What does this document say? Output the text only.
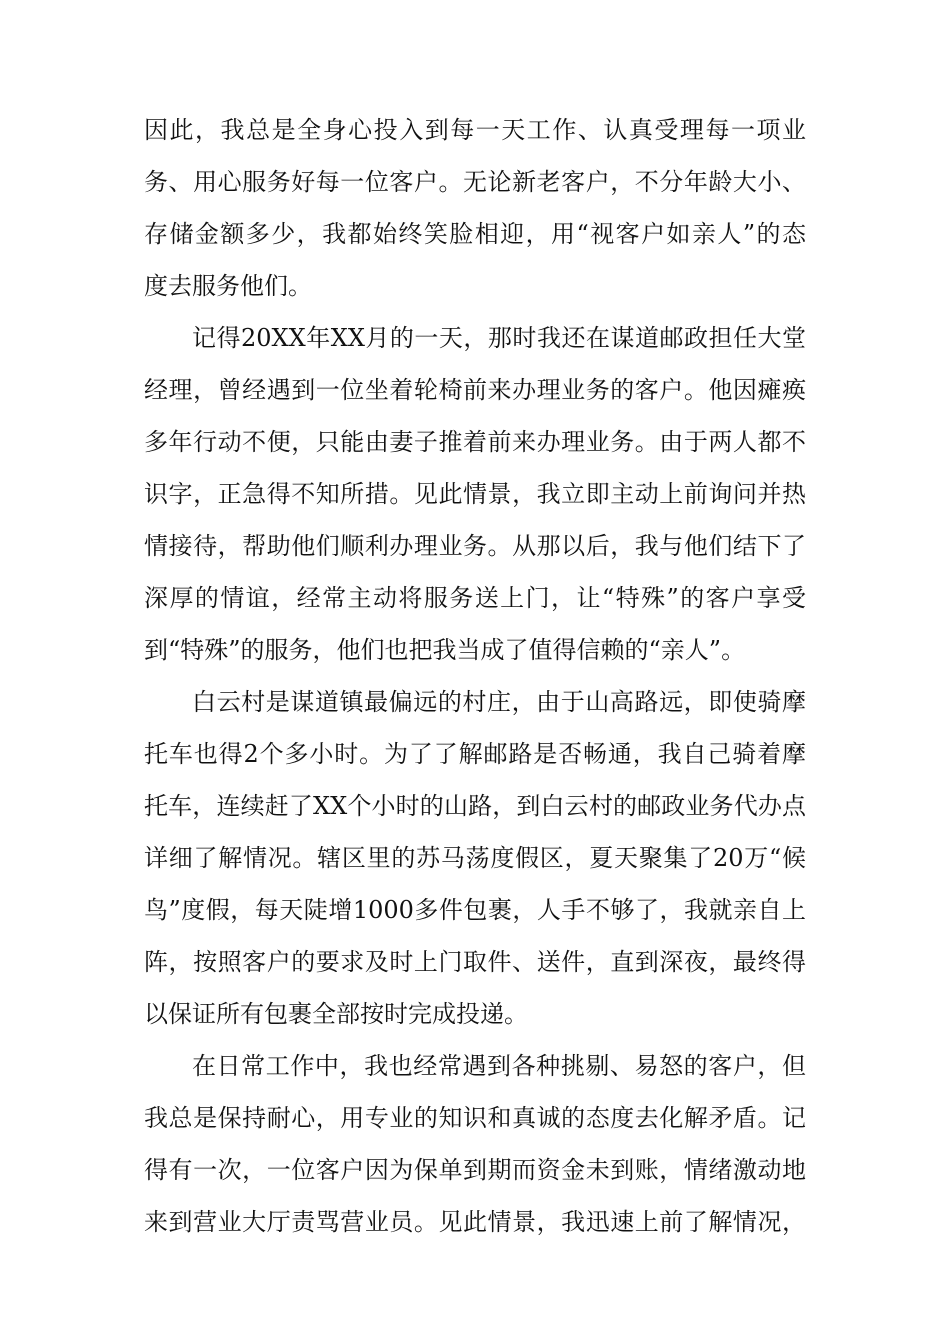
因此，我总是全身心投入到每一天工作、认真受理每一项业
务、用心服务好每一位客户。无论新老客户，不分年龄大小、
存储金额多少，我都始终笑脸相迎，用“视客户如亲人”的态
度去服务他们。
记得20XX年XX月的一天，那时我还在谋道邮政担任大堂
经理，曾经遇到一位坐着轮椅前来办理业务的客户。他因瘫痪
多年行动不便，只能由妻子推着前来办理业务。由于两人都不
识字，正急得不知所措。见此情景，我立即主动上前询问并热
情接待，帮助他们顺利办理业务。从那以后，我与他们结下了
深厚的情谊，经常主动将服务送上门，让“特殊”的客户享受
到“特殊”的服务，他们也把我当成了值得信赖的“亲人”。
白云村是谋道镇最偏远的村庄，由于山高路远，即使骑摩
托车也得2个多小时。为了了解邮路是否畅通，我自己骑着摩
托车，连续赶了XX个小时的山路，到白云村的邮政业务代办点
详细了解情况。辖区里的苏马荡度假区，夏天聚集了20万“候
鸟”度假，每天陡增1000多件包裹，人手不够了，我就亲自上
阵，按照客户的要求及时上门取件、送件，直到深夜，最终得
以保证所有包裹全部按时完成投递。
在日常工作中，我也经常遇到各种挑剔、易怒的客户，但
我总是保持耐心，用专业的知识和真诚的态度去化解矛盾。记
得有一次，一位客户因为保单到期而资金未到账，情绪激动地
来到营业大厅责骂营业员。见此情景，我迅速上前了解情况，
